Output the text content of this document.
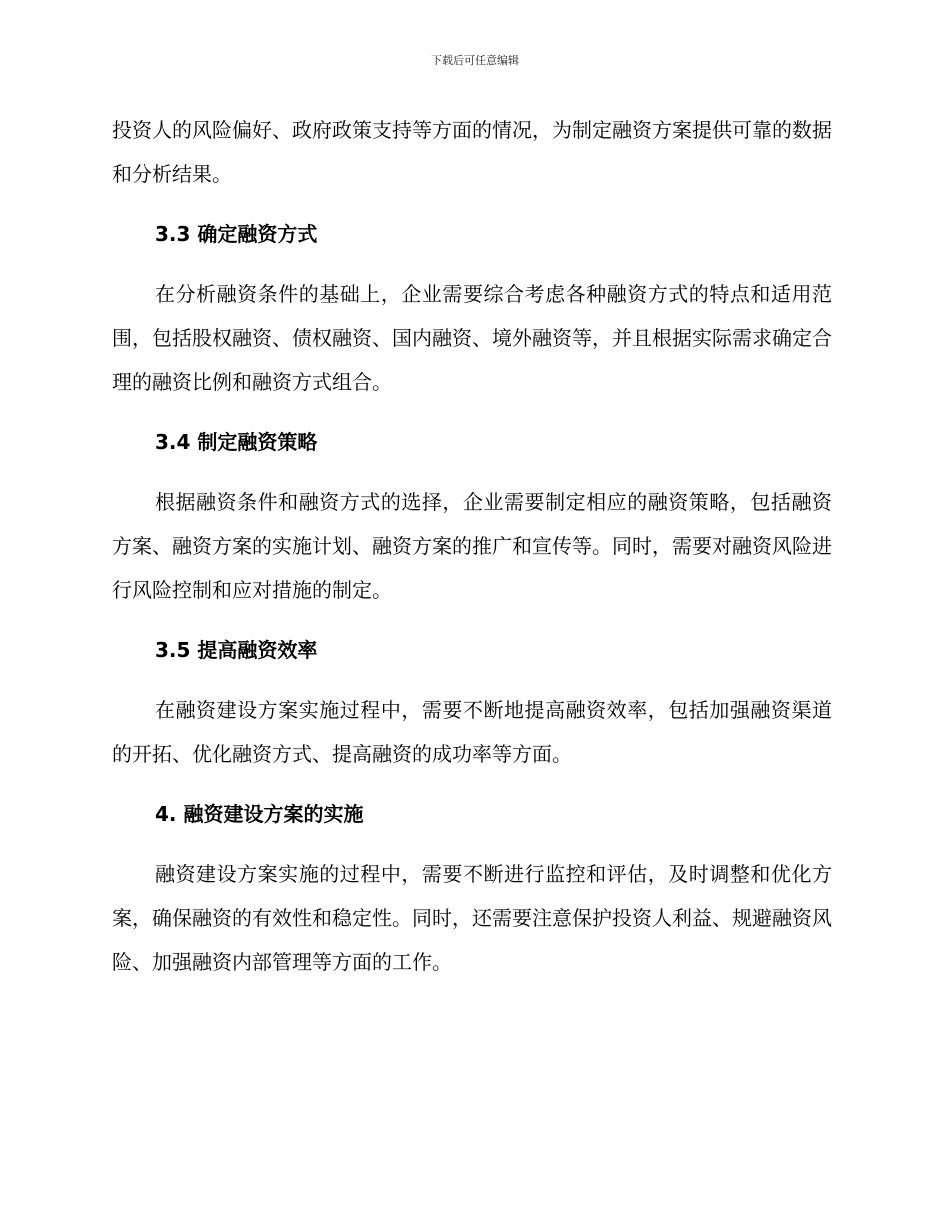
下载后可任意编辑

投资人的风险偏好、政府政策支持等方面的情况，为制定融资方案提供可靠的数据和分析结果。

3.3 确定融资方式

在分析融资条件的基础上，企业需要综合考虑各种融资方式的特点和适用范围，包括股权融资、债权融资、国内融资、境外融资等，并且根据实际需求确定合理的融资比例和融资方式组合。

3.4 制定融资策略

根据融资条件和融资方式的选择，企业需要制定相应的融资策略，包括融资方案、融资方案的实施计划、融资方案的推广和宣传等。同时，需要对融资风险进行风险控制和应对措施的制定。

3.5 提高融资效率

在融资建设方案实施过程中，需要不断地提高融资效率，包括加强融资渠道的开拓、优化融资方式、提高融资的成功率等方面。

4. 融资建设方案的实施

融资建设方案实施的过程中，需要不断进行监控和评估，及时调整和优化方案，确保融资的有效性和稳定性。同时，还需要注意保护投资人利益、规避融资风险、加强融资内部管理等方面的工作。
